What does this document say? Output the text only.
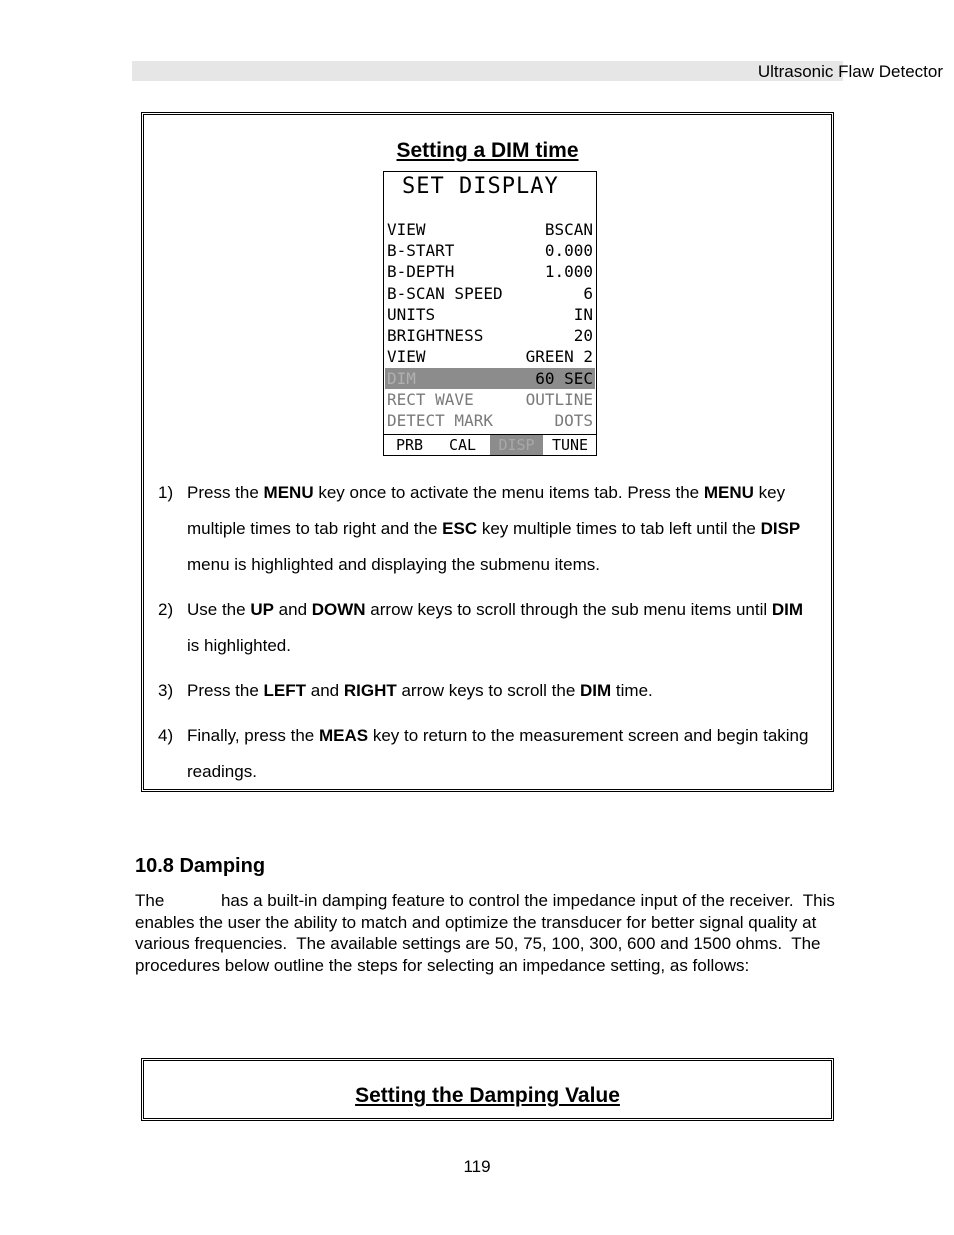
Ultrasonic Flaw Detector
Setting a DIM time
SET DISPLAY
VIEW	BSCAN
B-START	0.000
B-DEPTH	1.000
B-SCAN SPEED	6
UNITS	IN
BRIGHTNESS	20
VIEW	GREEN 2
DIM	60 SEC
RECT WAVE	OUTLINE
DETECT MARK	DOTS
PRB	CAL	DISP	TUNE
1) Press the MENU key once to activate the menu items tab. Press the MENU key multiple times to tab right and the ESC key multiple times to tab left until the DISP menu is highlighted and displaying the submenu items.
2) Use the UP and DOWN arrow keys to scroll through the sub menu items until DIM is highlighted.
3) Press the LEFT and RIGHT arrow keys to scroll the DIM time.
4) Finally, press the MEAS key to return to the measurement screen and begin taking readings.
10.8 Damping
The            has a built-in damping feature to control the impedance input of the receiver.  This enables the user the ability to match and optimize the transducer for better signal quality at various frequencies.  The available settings are 50, 75, 100, 300, 600 and 1500 ohms.  The procedures below outline the steps for selecting an impedance setting, as follows:
Setting the Damping Value
119
